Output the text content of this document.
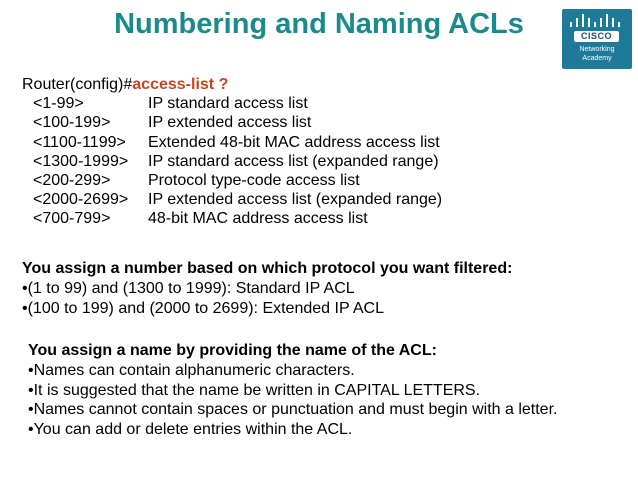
Numbering and Naming ACLs	CISCO
Networking
Academy
Router(config)#access-list ?
<1-99>	IP standard access list
<100-199>	IP extended access list
<1100-1199>	Extended 48-bit MAC address access list
<1300-1999>	IP standard access list (expanded range)
<200-299>	Protocol type-code access list
<2000-2699>	IP extended access list (expanded range)
<700-799>	48-bit MAC address access list
You assign a number based on which protocol you want filtered:
•(1 to 99) and (1300 to 1999): Standard IP ACL
•(100 to 199) and (2000 to 2699): Extended IP ACL
You assign a name by providing the name of the ACL:
•Names can contain alphanumeric characters.
•It is suggested that the name be written in CAPITAL LETTERS.
•Names cannot contain spaces or punctuation and must begin with a letter.
•You can add or delete entries within the ACL.
